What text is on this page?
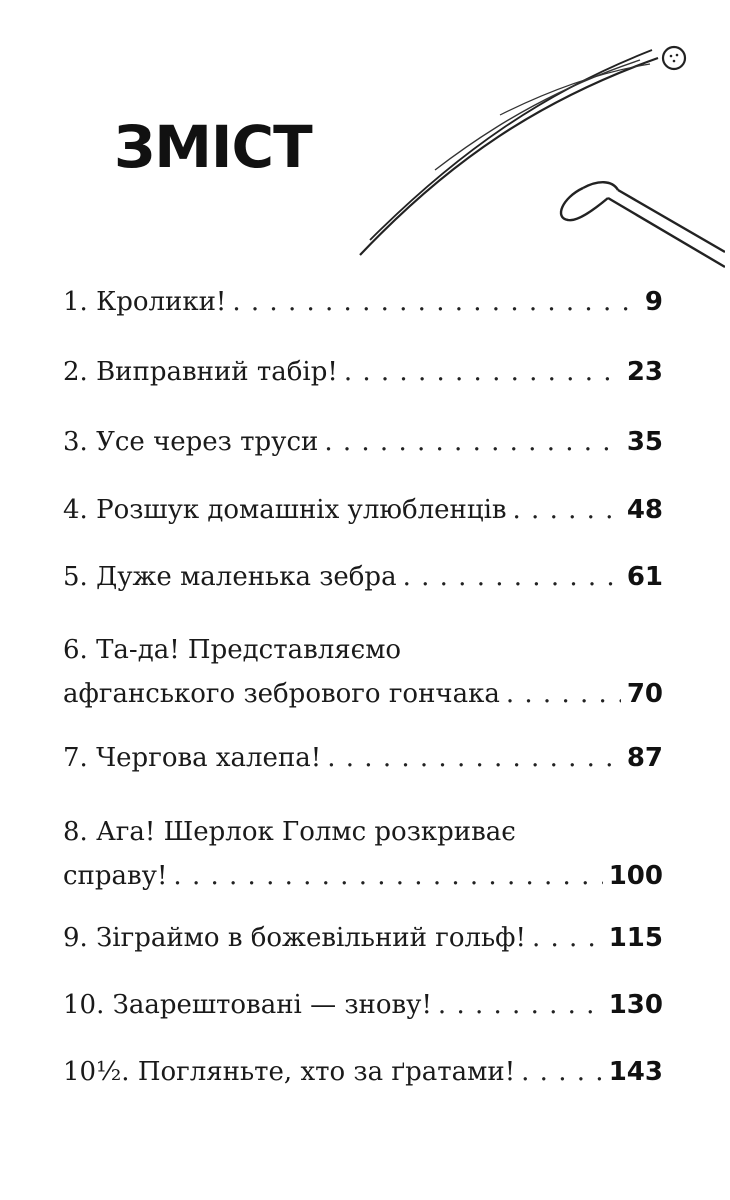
ЗМІСТ
1. Кролики! . . .	9
2. Виправний табір! . . .	23
3. Усе через труси . . .	35
4. Розшук домашніх улюбленців . . .	48
5. Дуже маленька зебра . . .	61
6. Та-да! Представляємо
афганського зебрового гончака . . .	70
7. Чергова халепа! . . .	87
8. Ага! Шерлок Голмс розкриває
справу! . . .	100
9. Зіграймо в божевільний гольф! . . .	115
10. Заарештовані — знову! . . .	130
10½. Погляньте, хто за ґратами! . . .	143
